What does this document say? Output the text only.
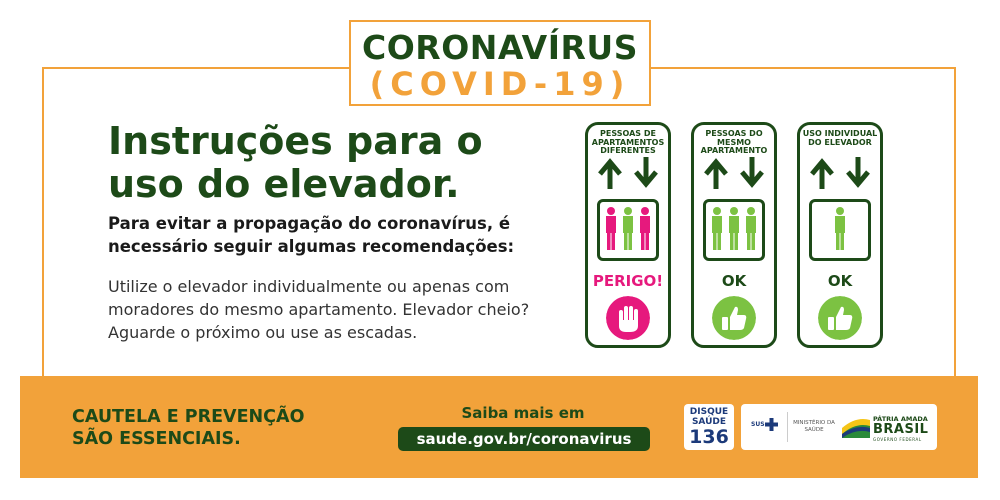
CORONAVÍRUS
(COVID-19)
Instruções para o uso do elevador.
Para evitar a propagação do coronavírus, é necessário seguir algumas recomendações:
Utilize o elevador individualmente ou apenas com moradores do mesmo apartamento. Elevador cheio? Aguarde o próximo ou use as escadas.
PESSOAS DE APARTAMENTOS DIFERENTES
PERIGO!
PESSOAS DO MESMO APARTAMENTO
OK
USO INDIVIDUAL DO ELEVADOR
OK
CAUTELA E PREVENÇÃO
SÃO ESSENCIAIS.
Saiba mais em
saude.gov.br/coronavirus
DISQUE
SAÚDE
136
SUS	MINISTÉRIO DA
SAÚDE
PÁTRIA AMADA
BRASIL
GOVERNO FEDERAL
